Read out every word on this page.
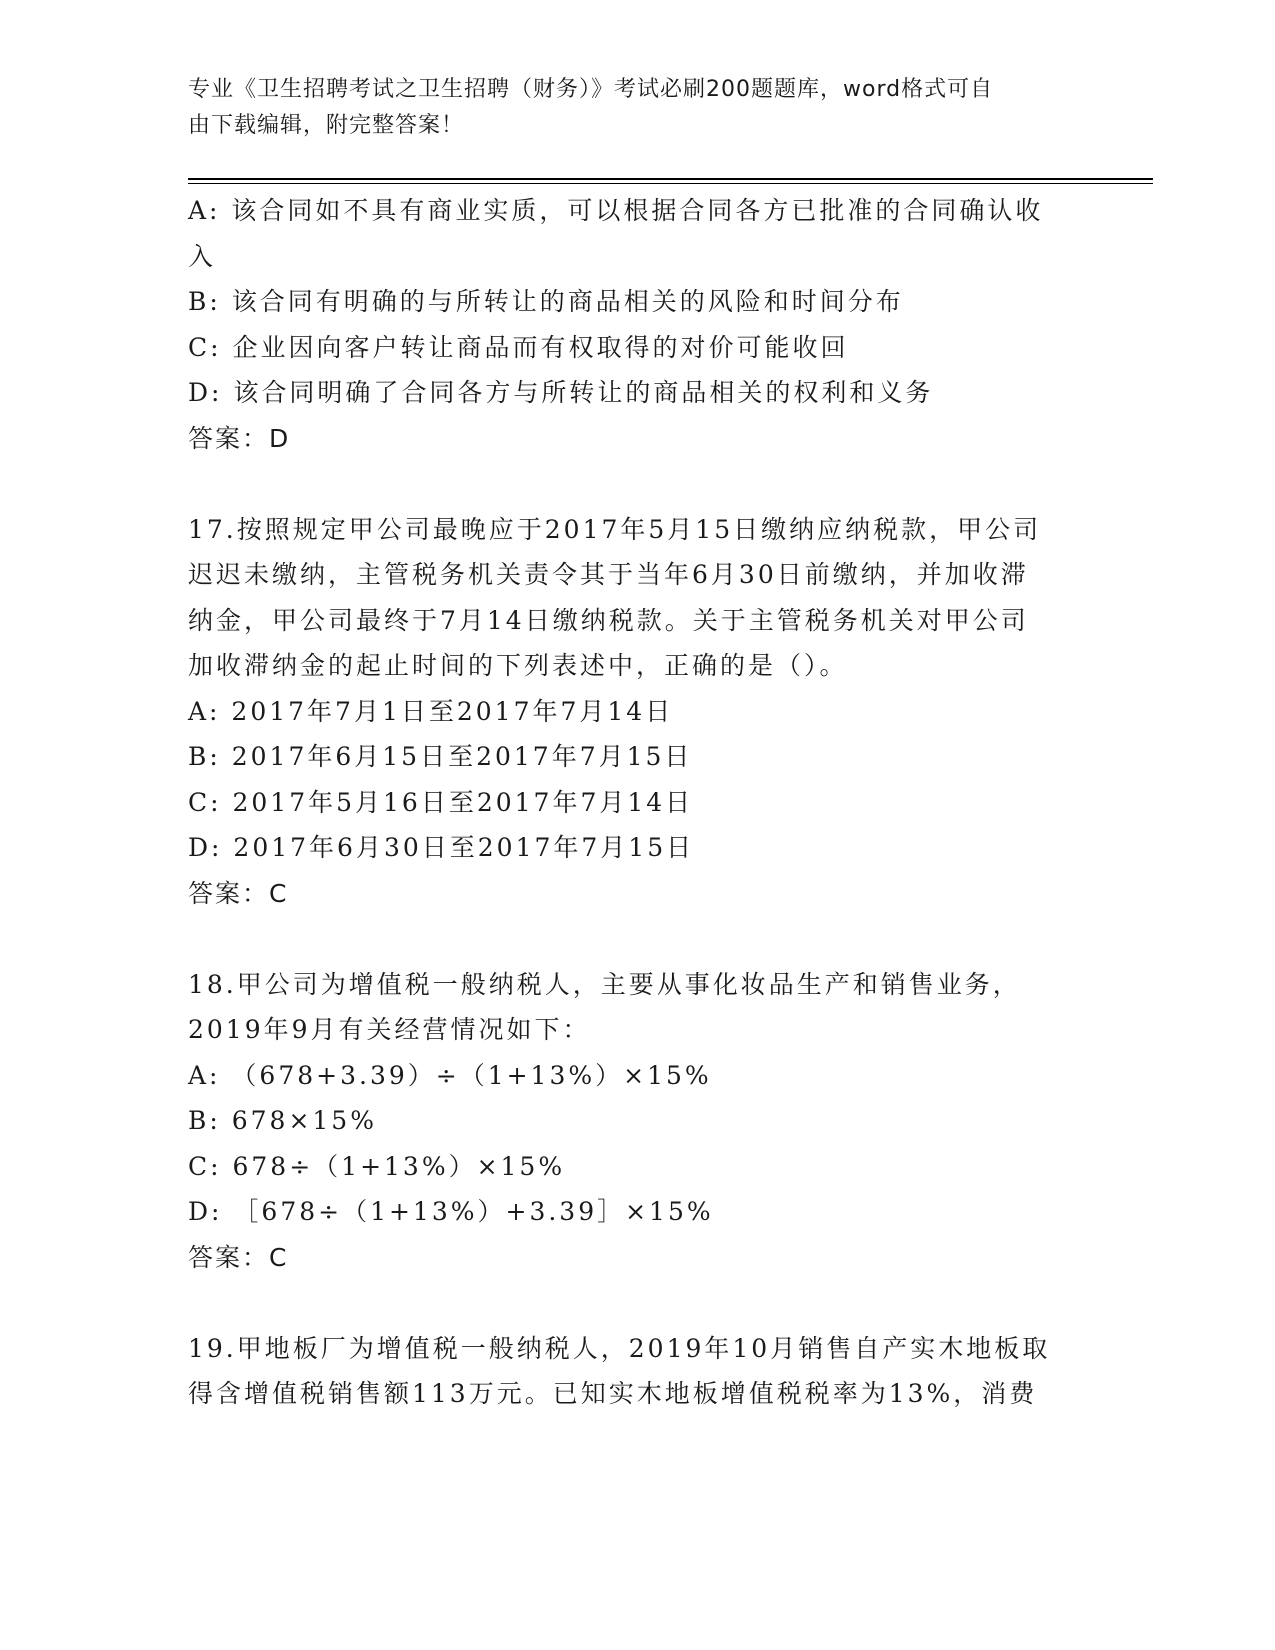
专业《卫生招聘考试之卫生招聘（财务）》考试必刷200题题库，word格式可自
由下载编辑，附完整答案！
A: 该合同如不具有商业实质，可以根据合同各方已批准的合同确认收
入
B: 该合同有明确的与所转让的商品相关的风险和时间分布
C: 企业因向客户转让商品而有权取得的对价可能收回
D: 该合同明确了合同各方与所转让的商品相关的权利和义务
答案：D
17.按照规定甲公司最晚应于2017年5月15日缴纳应纳税款，甲公司
迟迟未缴纳，主管税务机关责令其于当年6月30日前缴纳，并加收滞
纳金，甲公司最终于7月14日缴纳税款。关于主管税务机关对甲公司
加收滞纳金的起止时间的下列表述中，正确的是（）。
A: 2017年7月1日至2017年7月14日
B: 2017年6月15日至2017年7月15日
C: 2017年5月16日至2017年7月14日
D: 2017年6月30日至2017年7月15日
答案：C
18.甲公司为增值税一般纳税人，主要从事化妆品生产和销售业务，
2019年9月有关经营情况如下：
A: （678+3.39）÷（1+13%）×15%
B: 678×15%
C: 678÷（1+13%）×15%
D: ［678÷（1+13%）+3.39］×15%
答案：C
19.甲地板厂为增值税一般纳税人，2019年10月销售自产实木地板取
得含增值税销售额113万元。已知实木地板增值税税率为13%，消费
